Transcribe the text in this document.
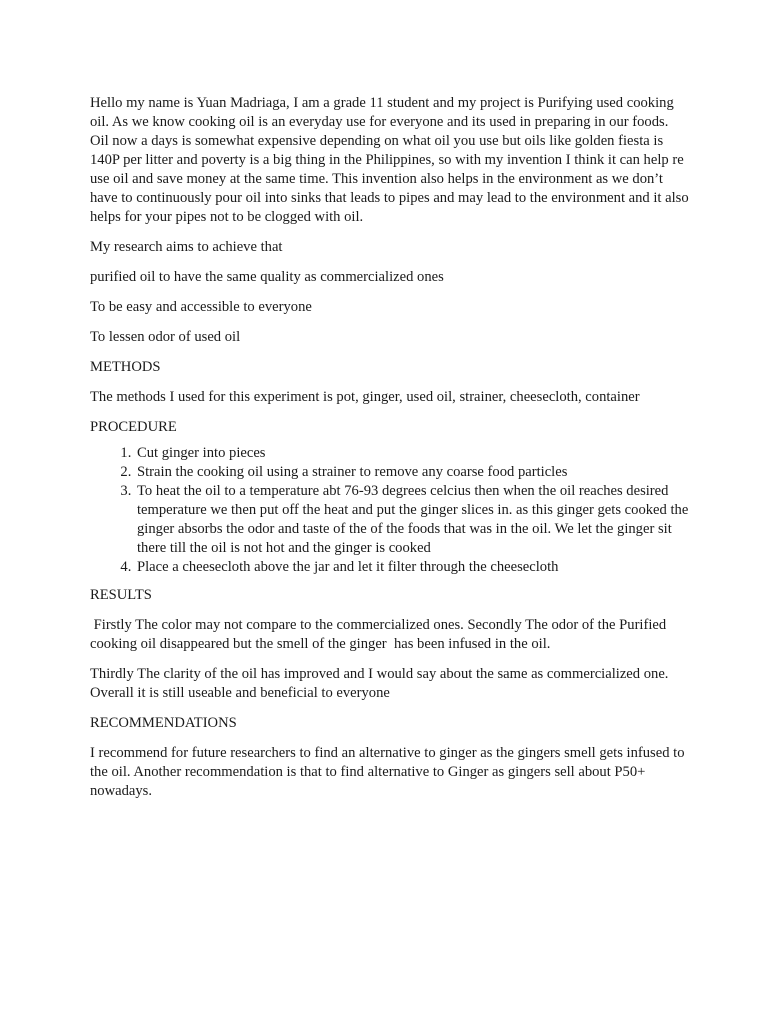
Hello my name is Yuan Madriaga, I am a grade 11 student and my project is Purifying used cooking oil. As we know cooking oil is an everyday use for everyone and its used in preparing in our foods. Oil now a days is somewhat expensive depending on what oil you use but oils like golden fiesta is 140P per litter and poverty is a big thing in the Philippines, so with my invention I think it can help re use oil and save money at the same time. This invention also helps in the environment as we don’t have to continuously pour oil into sinks that leads to pipes and may lead to the environment and it also helps for your pipes not to be clogged with oil.

My research aims to achieve that

purified oil to have the same quality as commercialized ones

To be easy and accessible to everyone

To lessen odor of used oil

METHODS

The methods I used for this experiment is pot, ginger, used oil, strainer, cheesecloth, container

PROCEDURE

1. Cut ginger into pieces
2. Strain the cooking oil using a strainer to remove any coarse food particles
3. To heat the oil to a temperature abt 76-93 degrees celcius then when the oil reaches desired temperature we then put off the heat and put the ginger slices in. as this ginger gets cooked the ginger absorbs the odor and taste of the of the foods that was in the oil. We let the ginger sit there till the oil is not hot and the ginger is cooked
4. Place a cheesecloth above the jar and let it filter through the cheesecloth

RESULTS

Firstly The color may not compare to the commercialized ones. Secondly The odor of the Purified cooking oil disappeared but the smell of the ginger  has been infused in the oil.

Thirdly The clarity of the oil has improved and I would say about the same as commercialized one. Overall it is still useable and beneficial to everyone

RECOMMENDATIONS

I recommend for future researchers to find an alternative to ginger as the gingers smell gets infused to the oil. Another recommendation is that to find alternative to Ginger as gingers sell about P50+ nowadays.
